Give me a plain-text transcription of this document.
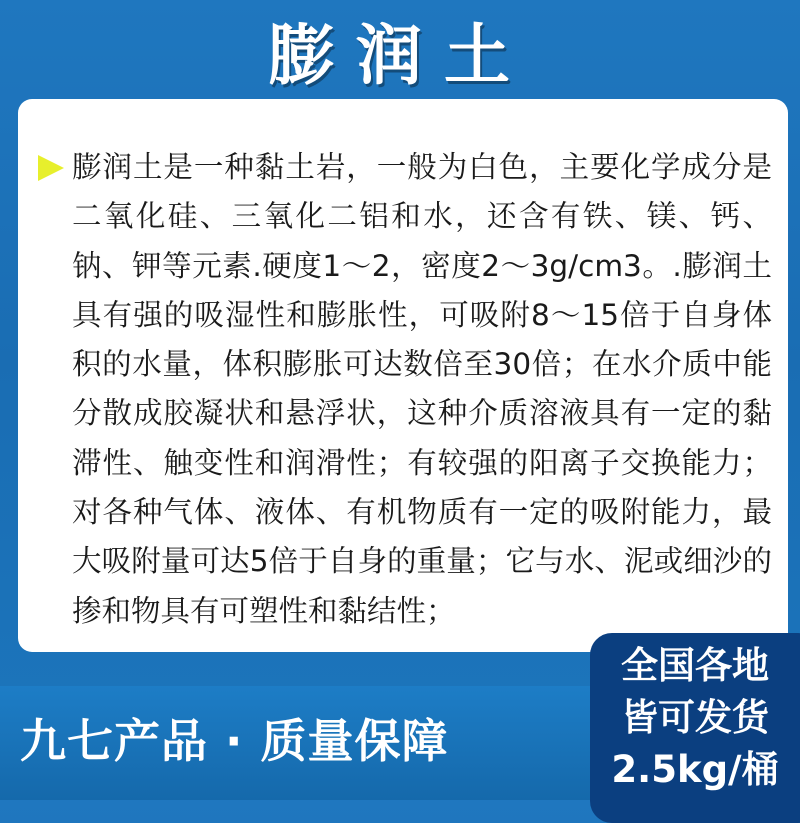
膨润土
膨润土是一种黏土岩，一般为白色，主要化学成分是二氧化硅、三氧化二铝和水，还含有铁、镁、钙、钠、钾等元素.硬度1～2，密度2～3g/cm3。.膨润土具有强的吸湿性和膨胀性，可吸附8～15倍于自身体积的水量，体积膨胀可达数倍至30倍；在水介质中能分散成胶凝状和悬浮状，这种介质溶液具有一定的黏滞性、触变性和润滑性；有较强的阳离子交换能力；对各种气体、液体、有机物质有一定的吸附能力，最大吸附量可达5倍于自身的重量；它与水、泥或细沙的掺和物具有可塑性和黏结性；
九七产品 · 质量保障
全国各地
皆可发货
2.5kg/桶
